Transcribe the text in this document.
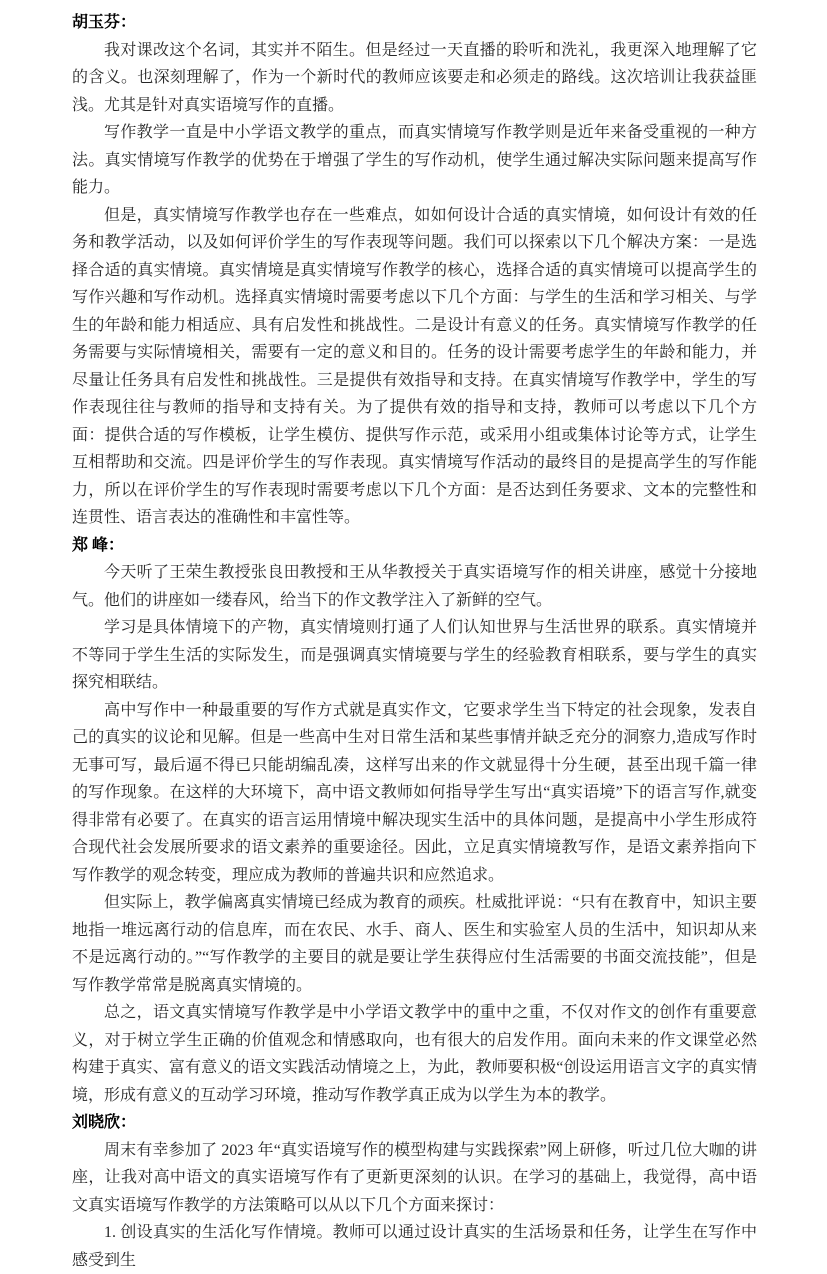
胡玉芬：

我对课改这个名词，其实并不陌生。但是经过一天直播的聆听和洗礼，我更深入地理解了它的含义。也深刻理解了，作为一个新时代的教师应该要走和必须走的路线。这次培训让我获益匪浅。尤其是针对真实语境写作的直播。

写作教学一直是中小学语文教学的重点，而真实情境写作教学则是近年来备受重视的一种方法。真实情境写作教学的优势在于增强了学生的写作动机，使学生通过解决实际问题来提高写作能力。

但是，真实情境写作教学也存在一些难点，如如何设计合适的真实情境，如何设计有效的任务和教学活动，以及如何评价学生的写作表现等问题。我们可以探索以下几个解决方案：一是选择合适的真实情境。真实情境是真实情境写作教学的核心，选择合适的真实情境可以提高学生的写作兴趣和写作动机。选择真实情境时需要考虑以下几个方面：与学生的生活和学习相关、与学生的年龄和能力相适应、具有启发性和挑战性。二是设计有意义的任务。真实情境写作教学的任务需要与实际情境相关，需要有一定的意义和目的。任务的设计需要考虑学生的年龄和能力，并尽量让任务具有启发性和挑战性。三是提供有效指导和支持。在真实情境写作教学中，学生的写作表现往往与教师的指导和支持有关。为了提供有效的指导和支持，教师可以考虑以下几个方面：提供合适的写作模板，让学生模仿、提供写作示范，或采用小组或集体讨论等方式，让学生互相帮助和交流。四是评价学生的写作表现。真实情境写作活动的最终目的是提高学生的写作能力，所以在评价学生的写作表现时需要考虑以下几个方面：是否达到任务要求、文本的完整性和连贯性、语言表达的准确性和丰富性等。

郑 峰：

今天听了王荣生教授张良田教授和王从华教授关于真实语境写作的相关讲座，感觉十分接地气。他们的讲座如一缕春风，给当下的作文教学注入了新鲜的空气。

学习是具体情境下的产物，真实情境则打通了人们认知世界与生活世界的联系。真实情境并不等同于学生生活的实际发生，而是强调真实情境要与学生的经验教育相联系，要与学生的真实探究相联结。

高中写作中一种最重要的写作方式就是真实作文，它要求学生当下特定的社会现象，发表自己的真实的议论和见解。但是一些高中生对日常生活和某些事情并缺乏充分的洞察力,造成写作时无事可写，最后逼不得已只能胡编乱凑，这样写出来的作文就显得十分生硬，甚至出现千篇一律的写作现象。在这样的大环境下，高中语文教师如何指导学生写出“真实语境”下的语言写作,就变得非常有必要了。在真实的语言运用情境中解决现实生活中的具体问题，是提高中小学生形成符合现代社会发展所要求的语文素养的重要途径。因此，立足真实情境教写作，是语文素养指向下写作教学的观念转变，理应成为教师的普遍共识和应然追求。

但实际上，教学偏离真实情境已经成为教育的顽疾。杜威批评说：“只有在教育中，知识主要地指一堆远离行动的信息库，而在农民、水手、商人、医生和实验室人员的生活中，知识却从来不是远离行动的。”“写作教学的主要目的就是要让学生获得应付生活需要的书面交流技能”，但是写作教学常常是脱离真实情境的。

总之，语文真实情境写作教学是中小学语文教学中的重中之重，不仅对作文的创作有重要意义，对于树立学生正确的价值观念和情感取向，也有很大的启发作用。面向未来的作文课堂必然构建于真实、富有意义的语文实践活动情境之上，为此，教师要积极“创设运用语言文字的真实情境，形成有意义的互动学习环境，推动写作教学真正成为以学生为本的教学。

刘晓欣：

周末有幸参加了 2023 年“真实语境写作的模型构建与实践探索”网上研修，听过几位大咖的讲座，让我对高中语文的真实语境写作有了更新更深刻的认识。在学习的基础上，我觉得，高中语文真实语境写作教学的方法策略可以从以下几个方面来探讨：

1. 创设真实的生活化写作情境。教师可以通过设计真实的生活场景和任务，让学生在写作中感受到生
